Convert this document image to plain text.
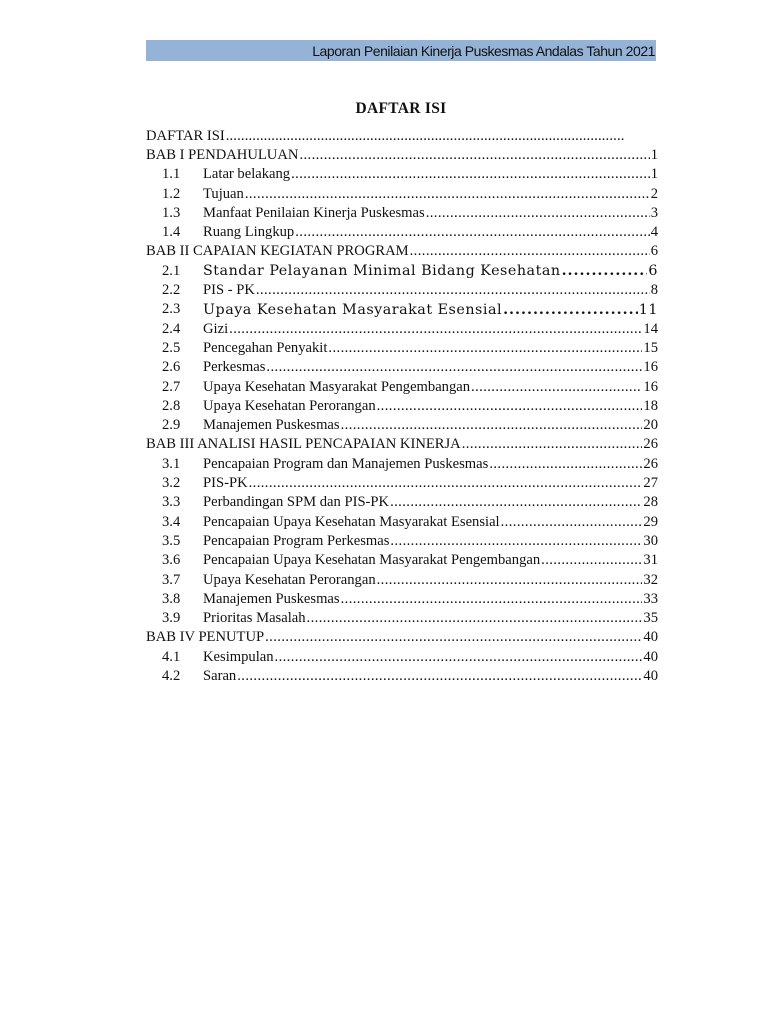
Laporan Penilaian Kinerja Puskesmas Andalas Tahun 2021
DAFTAR ISI
DAFTAR ISI
.....
BAB I PENDAHULUAN .....	1
1.1	Latar belakang .....	1
1.2	Tujuan .....	2
1.3	Manfaat Penilaian Kinerja Puskesmas .....	3
1.4	Ruang Lingkup .....	4
BAB II CAPAIAN KEGIATAN PROGRAM .....	6
2.1	Standar Pelayanan Minimal Bidang Kesehatan .....	6
2.2	PIS - PK .....	8
2.3	Upaya Kesehatan Masyarakat Esensial .....	11
2.4	Gizi .....	14
2.5	Pencegahan Penyakit .....	15
2.6	Perkesmas .....	16
2.7	Upaya Kesehatan Masyarakat Pengembangan .....	16
2.8	Upaya Kesehatan Perorangan .....	18
2.9	Manajemen Puskesmas .....	20
BAB III ANALISI HASIL PENCAPAIAN KINERJA .....	26
3.1	Pencapaian Program dan Manajemen Puskesmas .....	26
3.2	PIS-PK .....	27
3.3	Perbandingan SPM dan PIS-PK .....	28
3.4	Pencapaian Upaya Kesehatan Masyarakat Esensial .....	29
3.5	Pencapaian Program Perkesmas .....	30
3.6	Pencapaian Upaya Kesehatan Masyarakat Pengembangan .....	31
3.7	Upaya Kesehatan Perorangan .....	32
3.8	Manajemen Puskesmas .....	33
3.9	Prioritas Masalah .....	35
BAB IV PENUTUP .....	40
4.1	Kesimpulan .....	40
4.2	Saran .....	40
